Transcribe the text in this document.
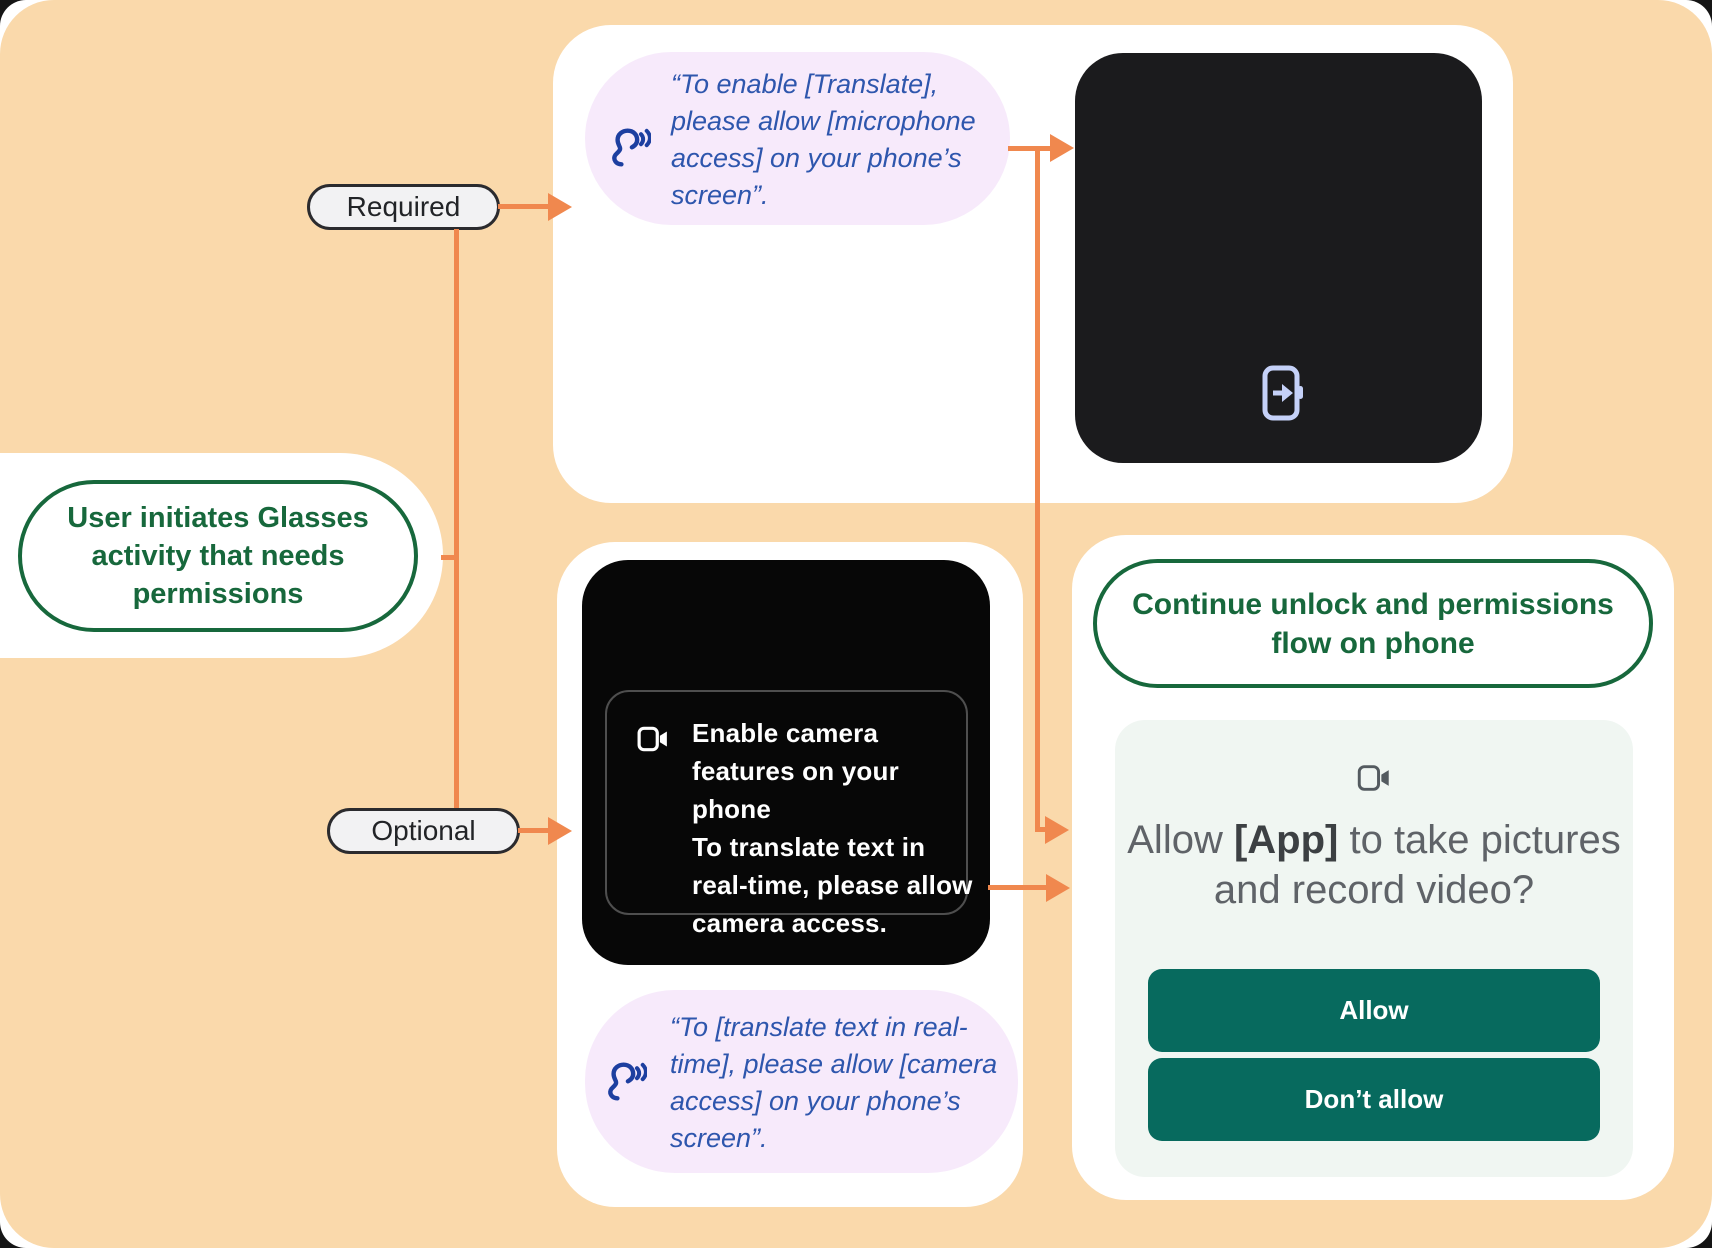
“To enable [Translate], please allow [microphone access] on your phone’s screen”.
Enable camera features on your phone
To translate text in real-time, please allow camera access.
“To [translate text in real-time], please allow [camera access] on your phone’s screen”.
Continue unlock and permissions flow on phone
Allow [App] to take pictures and record video?
Allow
Don’t allow
User initiates Glasses activity that needs permissions
Required
Optional
